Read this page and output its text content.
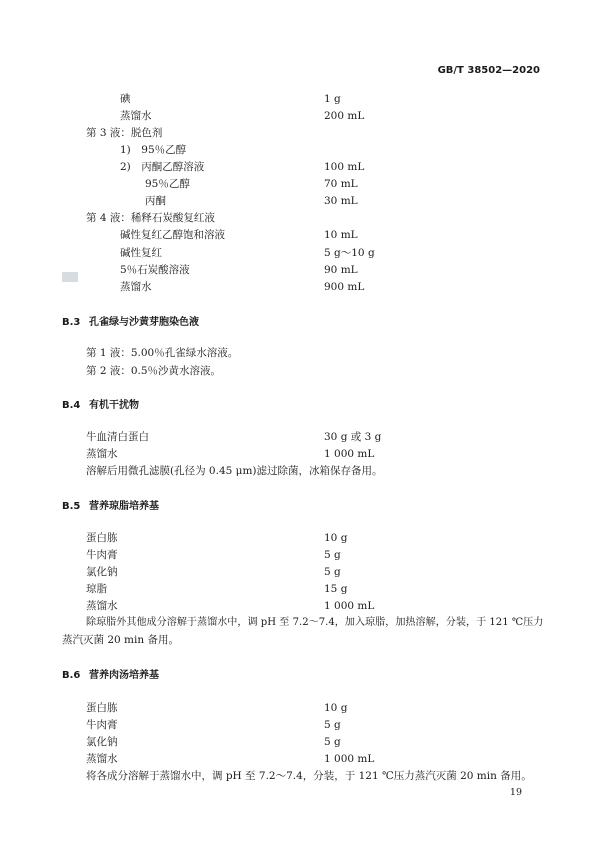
GB/T 38502—2020
碘	1 g
蒸馏水	200 mL
第 3 液：脱色剂
1)　95％乙醇
2)　丙酮乙醇溶液	100 mL
95％乙醇	70 mL
丙酮	30 mL
第 4 液：稀释石炭酸复红液
碱性复红乙醇饱和溶液	10 mL
碱性复红	5 g～10 g
5％石炭酸溶液	90 mL
蒸馏水	900 mL
B.3 孔雀绿与沙黄芽胞染色液
第 1 液：5.00％孔雀绿水溶液。
第 2 液：0.5％沙黄水溶液。
B.4 有机干扰物
牛血清白蛋白	30 g 或 3 g
蒸馏水	1 000 mL
溶解后用微孔滤膜(孔径为 0.45 μm)滤过除菌，冰箱保存备用。
B.5 营养琼脂培养基
蛋白胨	10 g
牛肉膏	5 g
氯化钠	5 g
琼脂	15 g
蒸馏水	1 000 mL
除琼脂外其他成分溶解于蒸馏水中，调 pH 至 7.2～7.4，加入琼脂，加热溶解，分装，于 121 ℃压力
蒸汽灭菌 20 min 备用。
B.6 营养肉汤培养基
蛋白胨	10 g
牛肉膏	5 g
氯化钠	5 g
蒸馏水	1 000 mL
将各成分溶解于蒸馏水中，调 pH 至 7.2～7.4，分装，于 121 ℃压力蒸汽灭菌 20 min 备用。
19
